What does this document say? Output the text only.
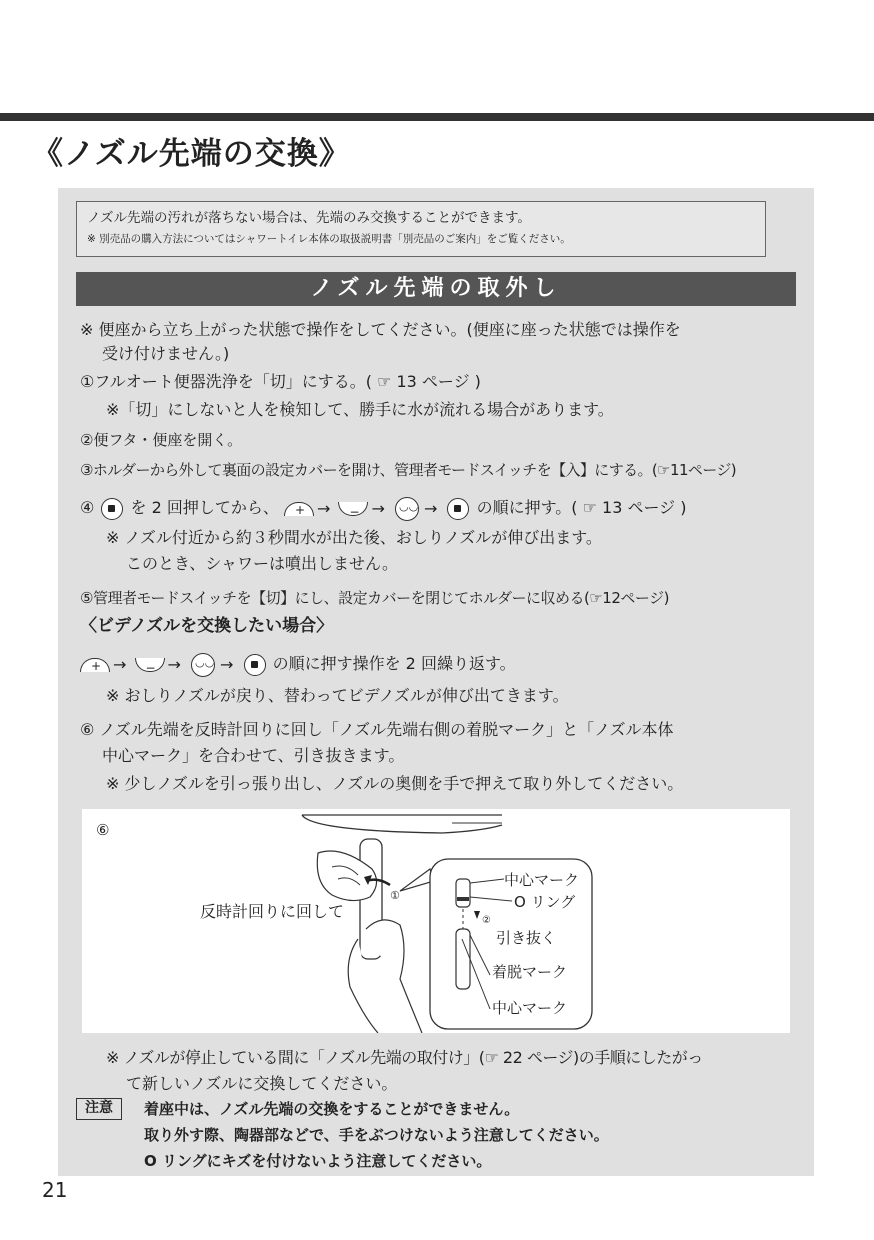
《ノズル先端の交換》
ノズル先端の汚れが落ちない場合は、先端のみ交換することができます。
※ 別売品の購入方法についてはシャワートイレ本体の取扱説明書「別売品のご案内」をご覧ください。
ノズル先端の取外し
※ 便座から立ち上がった状態で操作をしてください。(便座に座った状態では操作を
受け付けません。)
①フルオート便器洗浄を「切」にする。( ☞ 13 ページ )
※「切」にしないと人を検知して、勝手に水が流れる場合があります。
②便フタ・便座を開く。
③ホルダーから外して裏面の設定カバーを開け、管理者モードスイッチを【入】にする。(☞11ページ)
④ を 2 回押してから、 + → −	→ ◡◡ → の順に押す。( ☞ 13 ページ )
※ ノズル付近から約３秒間水が出た後、おしりノズルが伸び出ます。
このとき、シャワーは噴出しません。
⑤管理者モードスイッチを【切】にし、設定カバーを閉じてホルダーに収める(☞12ページ)
〈ビデノズルを交換したい場合〉
+→ −	→ ◡◡ → の順に押す操作を 2 回繰り返す。
※ おしりノズルが戻り、替わってビデノズルが伸び出てきます。
⑥ ノズル先端を反時計回りに回し「ノズル先端右側の着脱マーク」と「ノズル本体
中心マーク」を合わせて、引き抜きます。
※ 少しノズルを引っ張り出し、ノズルの奥側を手で押えて取り外してください。
⑥
①
反時計回りに回して	②
中心マーク
O リング
引き抜く
着脱マーク
中心マーク
※ ノズルが停止している間に「ノズル先端の取付け」(☞ 22 ページ)の手順にしたがっ
て新しいノズルに交換してください。
注意	着座中は、ノズル先端の交換をすることができません。
取り外す際、陶器部などで、手をぶつけないよう注意してください。
O リングにキズを付けないよう注意してください。
21
